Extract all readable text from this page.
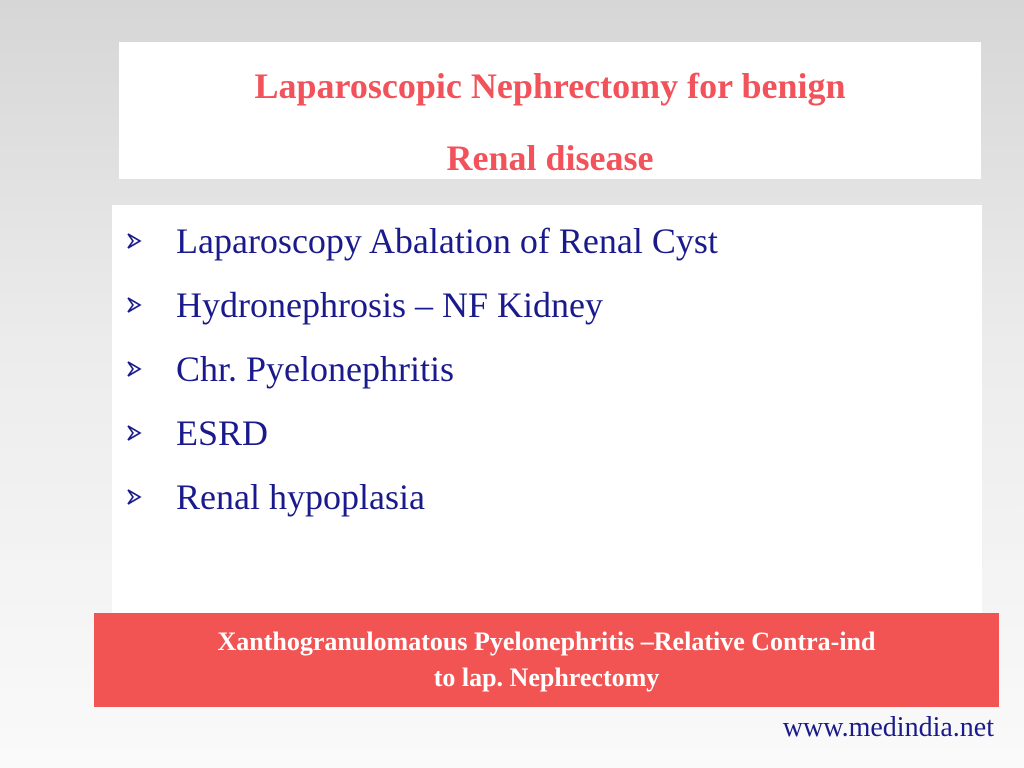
Laparoscopic Nephrectomy for benign
Renal disease
Laparoscopy Abalation of Renal Cyst
Hydronephrosis – NF Kidney
Chr. Pyelonephritis
ESRD
Renal hypoplasia
Xanthogranulomatous Pyelonephritis –Relative Contra-ind
to lap. Nephrectomy
www.medindia.net
